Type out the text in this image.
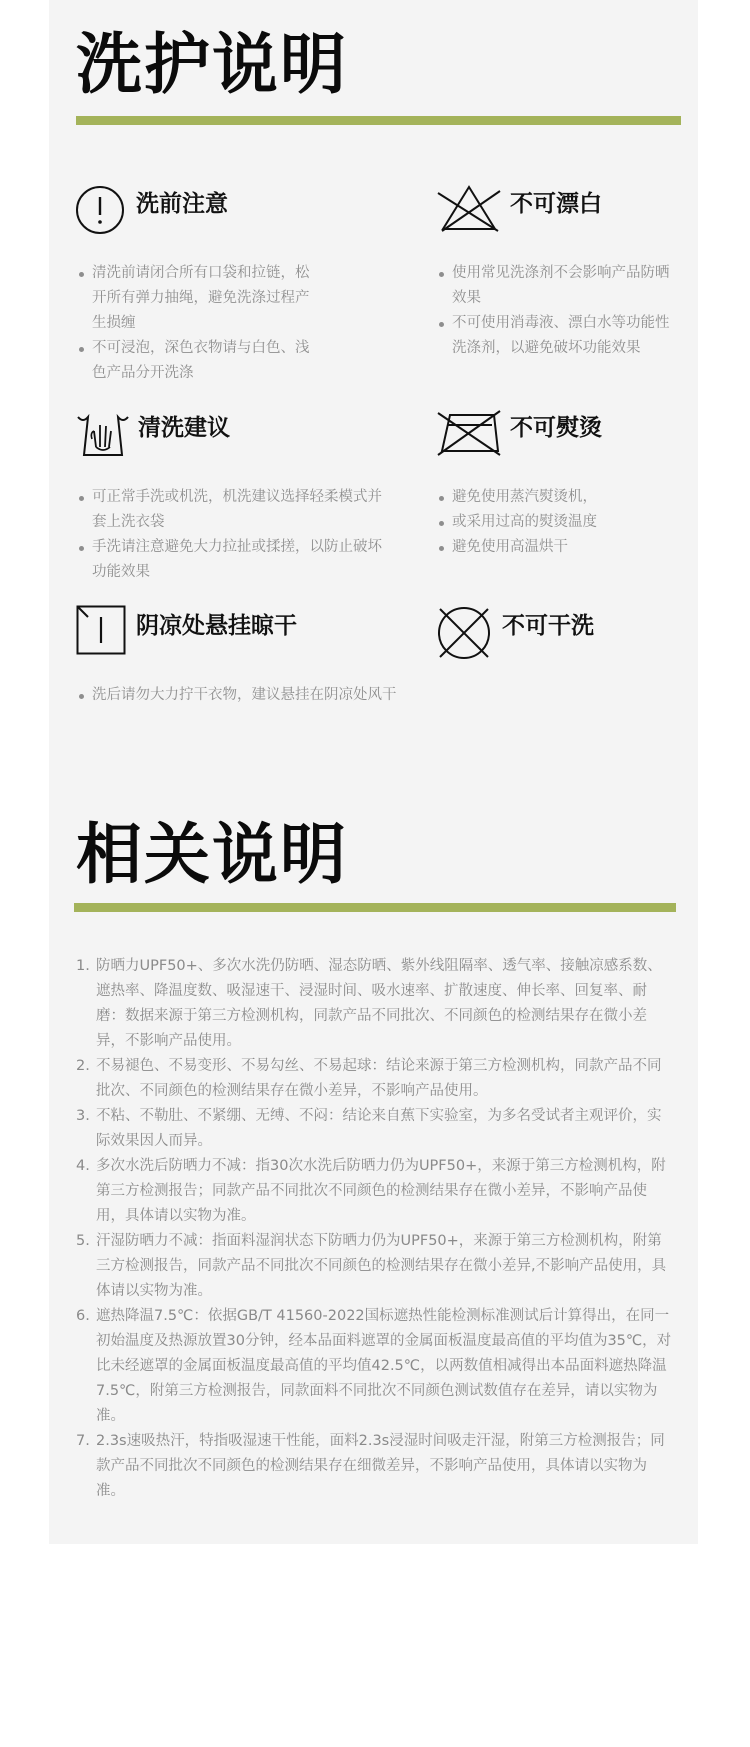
洗护说明
洗前注意
清洗前请闭合所有口袋和拉链，松开所有弹力抽绳，避免洗涤过程产生损缠
不可浸泡，深色衣物请与白色、浅色产品分开洗涤
不可漂白
使用常见洗涤剂不会影响产品防晒效果
不可使用消毒液、漂白水等功能性洗涤剂，以避免破坏功能效果
清洗建议
可正常手洗或机洗，机洗建议选择轻柔模式并套上洗衣袋
手洗请注意避免大力拉扯或揉搓，以防止破坏功能效果
不可熨烫
避免使用蒸汽熨烫机，
或采用过高的熨烫温度
避免使用高温烘干
阴凉处悬挂晾干
洗后请勿大力拧干衣物，建议悬挂在阴凉处风干
不可干洗
相关说明
1. 防晒力UPF50+、多次水洗仍防晒、湿态防晒、紫外线阻隔率、透气率、接触凉感系数、遮热率、降温度数、吸湿速干、浸湿时间、吸水速率、扩散速度、伸长率、回复率、耐磨：数据来源于第三方检测机构，同款产品不同批次、不同颜色的检测结果存在微小差异，不影响产品使用。
2. 不易褪色、不易变形、不易勾丝、不易起球：结论来源于第三方检测机构，同款产品不同批次、不同颜色的检测结果存在微小差异，不影响产品使用。
3. 不粘、不勒肚、不紧绷、无缚、不闷：结论来自蕉下实验室，为多名受试者主观评价，实际效果因人而异。
4. 多次水洗后防晒力不减：指30次水洗后防晒力仍为UPF50+，来源于第三方检测机构，附第三方检测报告；同款产品不同批次不同颜色的检测结果存在微小差异，不影响产品使用，具体请以实物为准。
5. 汗湿防晒力不减：指面料湿润状态下防晒力仍为UPF50+，来源于第三方检测机构，附第三方检测报告，同款产品不同批次不同颜色的检测结果存在微小差异,不影响产品使用，具体请以实物为准。
6. 遮热降温7.5℃：依据GB/T 41560-2022国标遮热性能检测标准测试后计算得出，在同一初始温度及热源放置30分钟，经本品面料遮罩的金属面板温度最高值的平均值为35℃，对比未经遮罩的金属面板温度最高值的平均值42.5℃，以两数值相减得出本品面料遮热降温7.5℃，附第三方检测报告，同款面料不同批次不同颜色测试数值存在差异，请以实物为准。
7. 2.3s速吸热汗，特指吸湿速干性能，面料2.3s浸湿时间吸走汗湿，附第三方检测报告；同款产品不同批次不同颜色的检测结果存在细微差异，不影响产品使用，具体请以实物为准。
